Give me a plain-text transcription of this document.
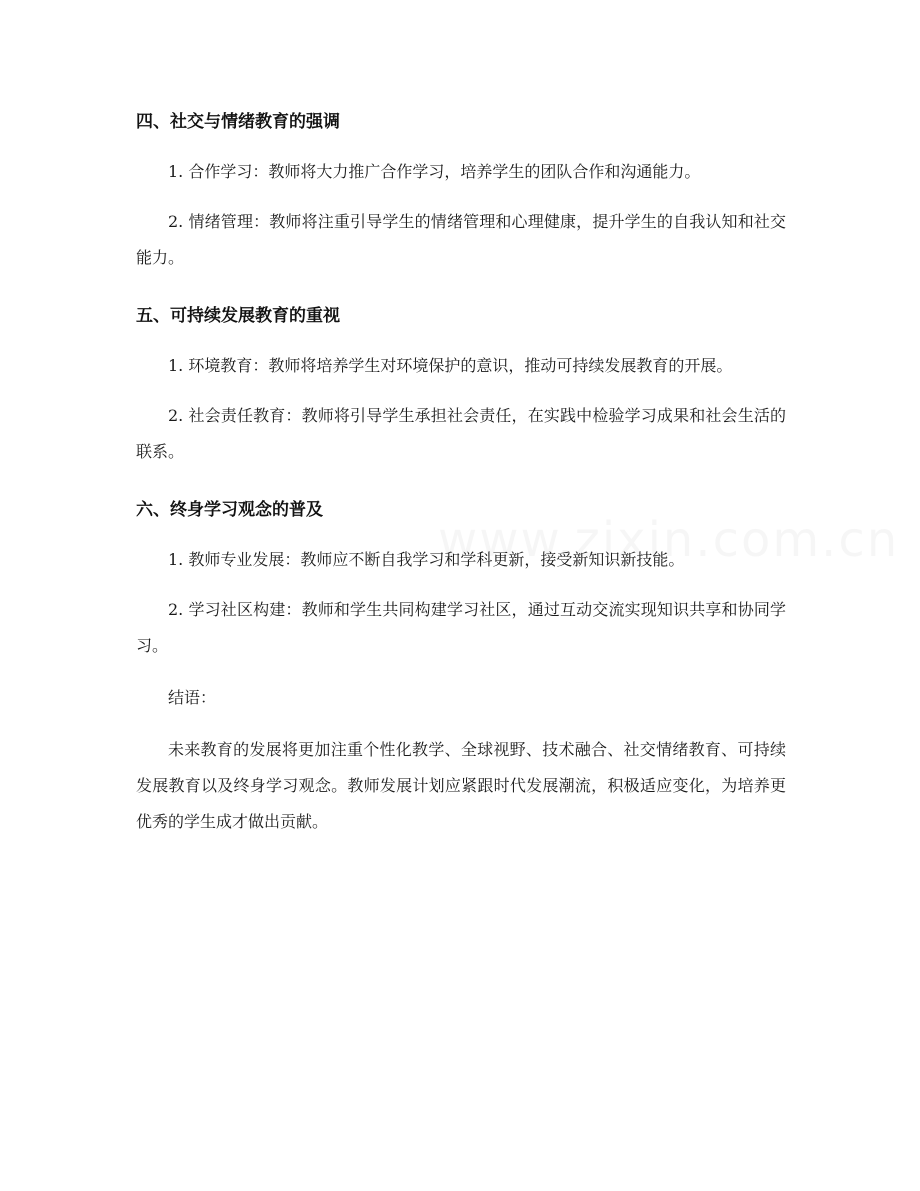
四、社交与情绪教育的强调

1. 合作学习：教师将大力推广合作学习，培养学生的团队合作和沟通能力。

2. 情绪管理：教师将注重引导学生的情绪管理和心理健康，提升学生的自我认知和社交能力。

五、可持续发展教育的重视

1. 环境教育：教师将培养学生对环境保护的意识，推动可持续发展教育的开展。

2. 社会责任教育：教师将引导学生承担社会责任，在实践中检验学习成果和社会生活的联系。

六、终身学习观念的普及

1. 教师专业发展：教师应不断自我学习和学科更新，接受新知识新技能。

2. 学习社区构建：教师和学生共同构建学习社区，通过互动交流实现知识共享和协同学习。

结语：

未来教育的发展将更加注重个性化教学、全球视野、技术融合、社交情绪教育、可持续发展教育以及终身学习观念。教师发展计划应紧跟时代发展潮流，积极适应变化，为培养更优秀的学生成才做出贡献。
